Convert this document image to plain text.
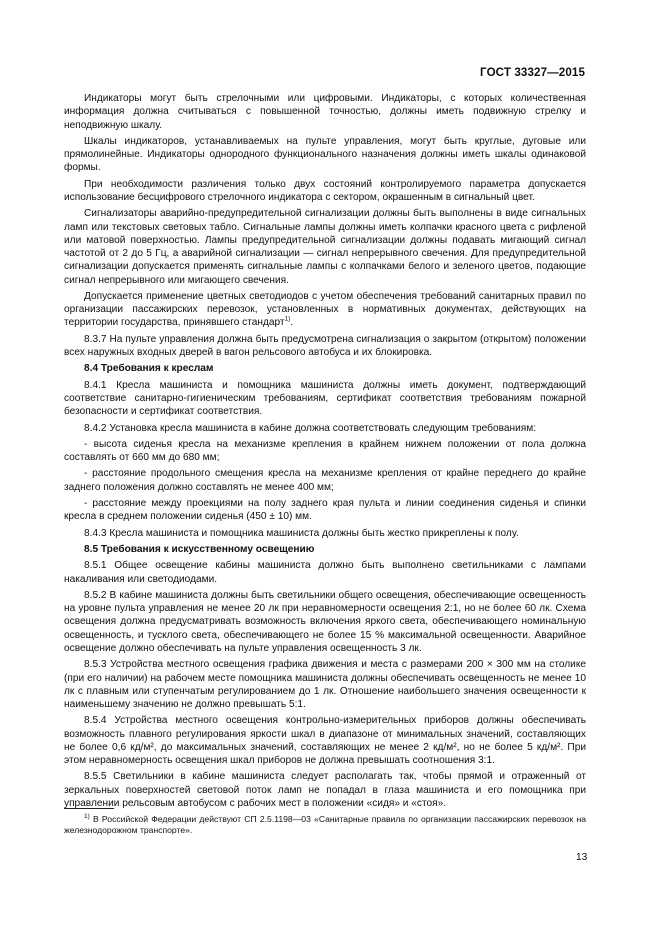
ГОСТ 33327—2015

Индикаторы могут быть стрелочными или цифровыми. Индикаторы, с которых количественная информация должна считываться с повышенной точностью, должны иметь подвижную стрелку и неподвижную шкалу.

Шкалы индикаторов, устанавливаемых на пульте управления, могут быть круглые, дуговые или прямолинейные. Индикаторы однородного функционального назначения должны иметь шкалы одинаковой формы.

При необходимости различения только двух состояний контролируемого параметра допускается использование бесцифрового стрелочного индикатора с сектором, окрашенным в сигнальный цвет.

Сигнализаторы аварийно-предупредительной сигнализации должны быть выполнены в виде сигнальных ламп или текстовых световых табло. Сигнальные лампы должны иметь колпачки красного цвета с рифленой или матовой поверхностью. Лампы предупредительной сигнализации должны подавать мигающий сигнал частотой от 2 до 5 Гц, а аварийной сигнализации — сигнал непрерывного свечения. Для предупредительной сигнализации допускается применять сигнальные лампы с колпачками белого и зеленого цветов, подающие сигнал непрерывного или мигающего свечения.

Допускается применение цветных светодиодов с учетом обеспечения требований санитарных правил по организации пассажирских перевозок, установленных в нормативных документах, действующих на территории государства, принявшего стандарт$^{1)}$.

8.3.7 На пульте управления должна быть предусмотрена сигнализация о закрытом (открытом) положении всех наружных входных дверей в вагон рельсового автобуса и их блокировка.

8.4 Требования к креслам

8.4.1 Кресла машиниста и помощника машиниста должны иметь документ, подтверждающий соответствие санитарно-гигиеническим требованиям, сертификат соответствия требованиям пожарной безопасности и сертификат соответствия.

8.4.2 Установка кресла машиниста в кабине должна соответствовать следующим требованиям:

- высота сиденья кресла на механизме крепления в крайнем нижнем положении от пола должна составлять от 660 мм до 680 мм;

- расстояние продольного смещения кресла на механизме крепления от крайне переднего до крайне заднего положения должно составлять не менее 400 мм;

- расстояние между проекциями на полу заднего края пульта и линии соединения сиденья и спинки кресла в среднем положении сиденья (450 ± 10) мм.

8.4.3 Кресла машиниста и помощника машиниста должны быть жестко прикреплены к полу.

8.5 Требования к искусственному освещению

8.5.1 Общее освещение кабины машиниста должно быть выполнено светильниками с лампами накаливания или светодиодами.

8.5.2 В кабине машиниста должны быть светильники общего освещения, обеспечивающие освещенность на уровне пульта управления не менее 20 лк при неравномерности освещения 2:1, но не более 60 лк. Схема освещения должна предусматривать возможность включения яркого света, обеспечивающего номинальную освещенность, и тусклого света, обеспечивающего не более 15 % максимальной освещенности. Аварийное освещение должно обеспечивать на пульте управления освещенность 3 лк.

8.5.3 Устройства местного освещения графика движения и места с размерами 200 × 300 мм на столике (при его наличии) на рабочем месте помощника машиниста должны обеспечивать освещенность не менее 10 лк с плавным или ступенчатым регулированием до 1 лк. Отношение наибольшего значения освещенности к наименьшему значению не должно превышать 5:1.

8.5.4 Устройства местного освещения контрольно-измерительных приборов должны обеспечивать возможность плавного регулирования яркости шкал в диапазоне от минимальных значений, составляющих не более 0,6 кд/м², до максимальных значений, составляющих не менее 2 кд/м², но не более 5 кд/м². При этом неравномерность освещения шкал приборов не должна превышать соотношения 3:1.

8.5.5 Светильники в кабине машиниста следует располагать так, чтобы прямой и отраженный от зеркальных поверхностей световой поток ламп не попадал в глаза машиниста и его помощника при управлении рельсовым автобусом с рабочих мест в положении «сидя» и «стоя».

$^{1)}$ В Российской Федерации действуют СП 2.5.1198—03 «Санитарные правила по организации пассажирских перевозок на железнодорожном транспорте».
13
